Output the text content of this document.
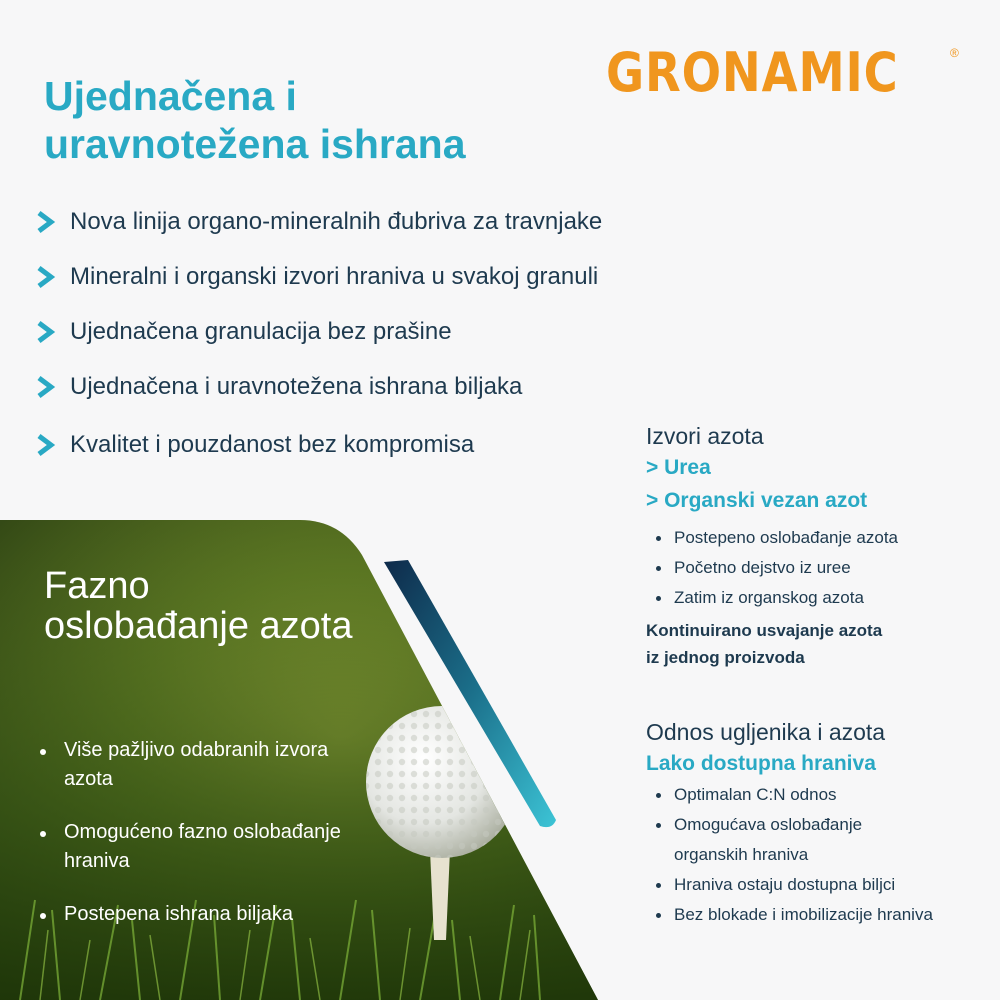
Ujednačena i uravnotežena ishrana
GRONAMIC	®
Nova linija organo-mineralnih đubriva za travnjake
Mineralni i organski izvori hraniva u svakoj granuli
Ujednačena granulacija bez prašine
Ujednačena i uravnotežena ishrana biljaka
Kvalitet i pouzdanost bez kompromisa	Izvori azota
> Urea
> Organski vezan azot
Postepeno oslobađanje azota
Početno dejstvo iz uree
Zatim iz organskog azota
Kontinuirano usvajanje azota
iz jednog proizvoda
Odnos ugljenika i azota
Lako dostupna hraniva
Optimalan C:N odnos
Omogućava oslobađanje organskih hraniva
Hraniva ostaju dostupna biljci
Bez blokade i imobilizacije hraniva
Fazno oslobađanje azota
Više pažljivo odabranih izvora azota
Omogućeno fazno oslobađanje hraniva
Postepena ishrana biljaka
